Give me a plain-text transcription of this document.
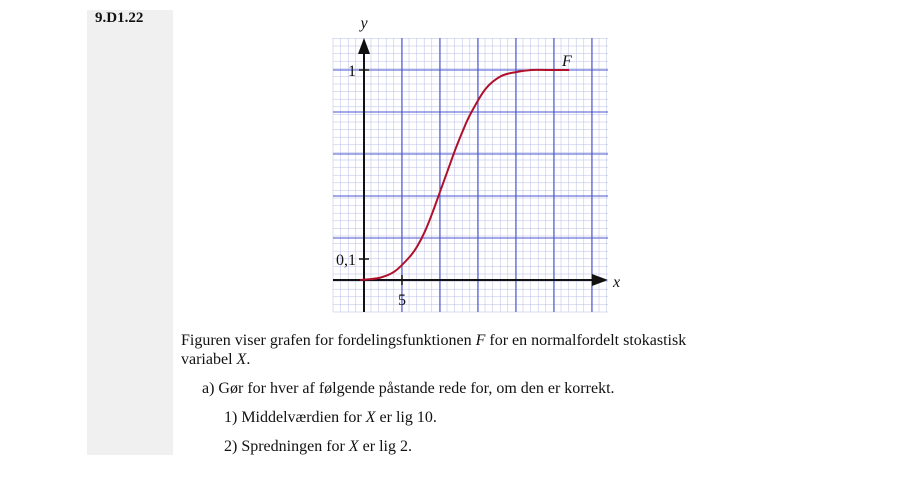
9.D1.22	y
x
1
0,1
5
F
Figuren viser grafen for fordelingsfunktionen F for en normalfordelt stokastisk variabel X.
a) Gør for hver af følgende påstande rede for, om den er korrekt.
1) Middelværdien for X er lig 10.
2) Spredningen for X er lig 2.
